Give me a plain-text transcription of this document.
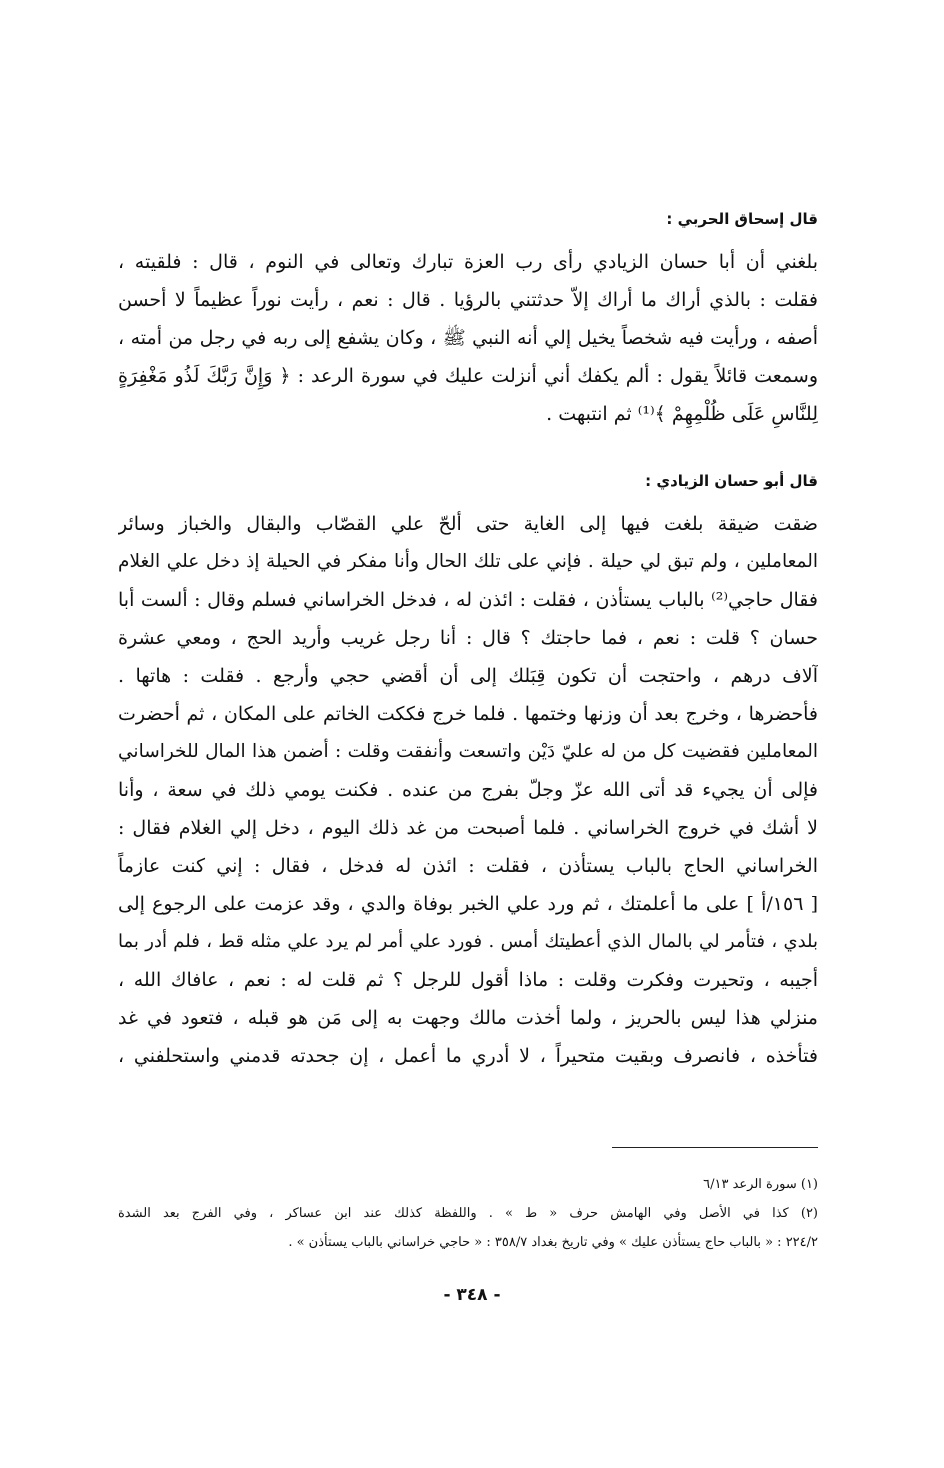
قال إسحاق الحربي :
بلغني أن أبا حسان الزيادي رأى رب العزة تبارك وتعالى في النوم ، قال : فلقيته ،
فقلت : بالذي أراك ما أراك إلاّ حدثتني بالرؤيا . قال : نعم ، رأيت نوراً عظيماً لا أحسن
أصفه ، ورأيت فيه شخصاً يخيل إلي أنه النبي ﷺ ، وكان يشفع إلى ربه في رجل من أمته ،
وسمعت قائلاً يقول : ألم يكفك أني أنزلت عليك في سورة الرعد : ﴿ وَإِنَّ رَبَّكَ لَذُو مَغْفِرَةٍ
لِلنَّاسِ عَلَى ظُلْمِهِمْ ﴾⁽¹⁾ ثم انتبهت .
قال أبو حسان الزيادي :
ضقت ضيقة بلغت فيها إلى الغاية حتى ألحّ علي القصّاب والبقال والخباز وسائر
المعاملين ، ولم تبق لي حيلة . فإني على تلك الحال وأنا مفكر في الحيلة إذ دخل علي الغلام
فقال حاجي⁽²⁾ بالباب يستأذن ، فقلت : ائذن له ، فدخل الخراساني فسلم وقال : ألست أبا
حسان ؟ قلت : نعم ، فما حاجتك ؟ قال : أنا رجل غريب وأريد الحج ، ومعي عشرة
آلاف درهم ، واحتجت أن تكون قِبَلك إلى أن أقضي حجي وأرجع . فقلت : هاتها .
فأحضرها ، وخرج بعد أن وزنها وختمها . فلما خرج فككت الخاتم على المكان ، ثم أحضرت
المعاملين فقضيت كل من له عليّ دَيْن واتسعت وأنفقت وقلت : أضمن هذا المال للخراساني
فإلى أن يجيء قد أتى الله عزّ وجلّ بفرج من عنده . فكنت يومي ذلك في سعة ، وأنا
لا أشك في خروج الخراساني . فلما أصبحت من غد ذلك اليوم ، دخل إلي الغلام فقال :
الخراساني الحاج بالباب يستأذن ، فقلت : ائذن له فدخل ، فقال : إني كنت عازماً
[ ١٥٦/أ ] على ما أعلمتك ، ثم ورد علي الخبر بوفاة والدي ، وقد عزمت على الرجوع إلى
بلدي ، فتأمر لي بالمال الذي أعطيتك أمس . فورد علي أمر لم يرد علي مثله قط ، فلم أدر بما
أجيبه ، وتحيرت وفكرت وقلت : ماذا أقول للرجل ؟ ثم قلت له : نعم ، عافاك الله ،
منزلي هذا ليس بالحريز ، ولما أخذت مالك وجهت به إلى مَن هو قبله ، فتعود في غد
فتأخذه ، فانصرف وبقيت متحيراً ، لا أدري ما أعمل ، إن جحدته قدمني واستحلفني ،
(١) سورة الرعد ٦/١٣
(٢) كذا في الأصل وفي الهامش حرف « ط » . واللفظة كذلك عند ابن عساكر ، وفي الفرج بعد الشدة
٢٢٤/٢ : « بالباب حاج يستأذن عليك » وفي تاريخ بغداد ٣٥٨/٧ : « حاجي خراساني بالباب يستأذن » .
- ٣٤٨ -
